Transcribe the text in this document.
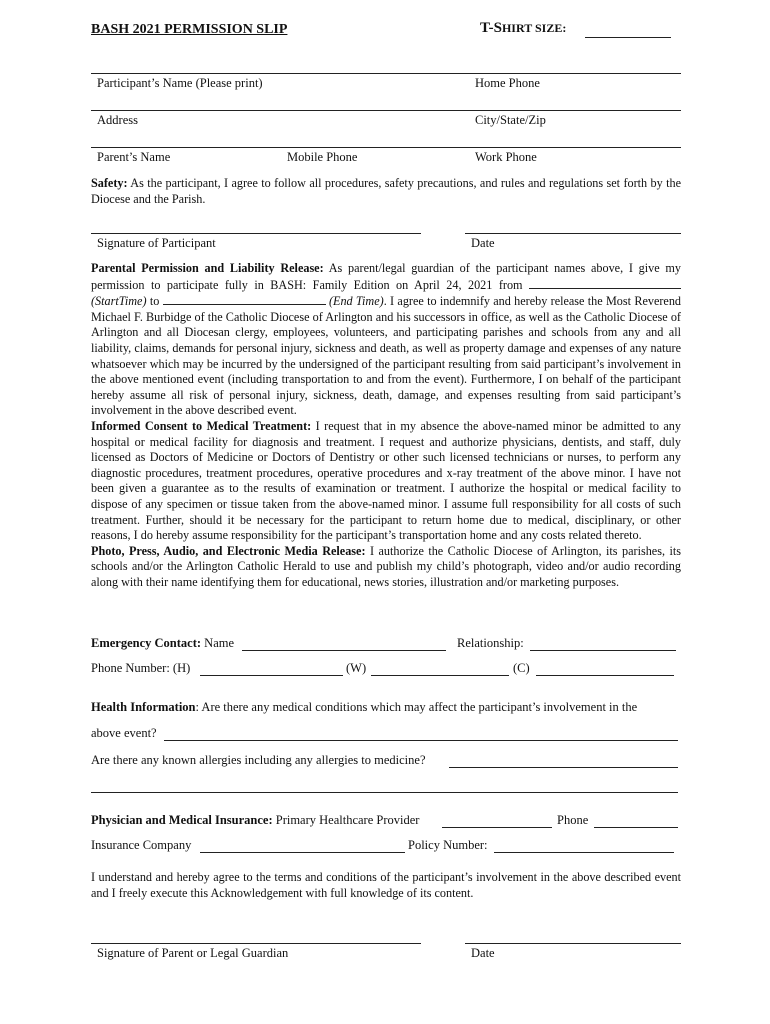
BASH 2021 PERMISSION SLIP	T-SHIRT SIZE:
Participant’s Name (Please print)	Home Phone
Address	City/State/Zip
Parent’s Name	Mobile Phone	Work Phone
Safety: As the participant, I agree to follow all procedures, safety precautions, and rules and regulations set forth by the Diocese and the Parish.
Signature of Participant	Date
Parental Permission and Liability Release: As parent/legal guardian of the participant names above, I give my permission to participate fully in BASH: Family Edition on April 24, 2021 from  (StartTime) to	(End Time). I agree to indemnify and hereby release the Most Reverend Michael F. Burbidge of the Catholic Diocese of Arlington and his successors in office, as well as the Catholic Diocese of Arlington and all Diocesan clergy, employees, volunteers, and participating parishes and schools from any and all liability, claims, demands for personal injury, sickness and death, as well as property damage and expenses of any nature whatsoever which may be incurred by the undersigned of the participant resulting from said participant’s involvement in the above mentioned event (including transportation to and from the event). Furthermore, I on behalf of the participant hereby assume all risk of personal injury, sickness, death, damage, and expenses resulting from said participant’s involvement in the above described event.
Informed Consent to Medical Treatment: I request that in my absence the above-named minor be admitted to any hospital or medical facility for diagnosis and treatment. I request and authorize physicians, dentists, and staff, duly licensed as Doctors of Medicine or Doctors of Dentistry or other such licensed technicians or nurses, to perform any diagnostic procedures, treatment procedures, operative procedures and x-ray treatment of the above minor. I have not been given a guarantee as to the results of examination or treatment. I authorize the hospital or medical facility to dispose of any specimen or tissue taken from the above-named minor. I assume full responsibility for all costs of such treatment. Further, should it be necessary for the participant to return home due to medical, disciplinary, or other reasons, I do hereby assume responsibility for the participant’s transportation home and any costs related thereto.
Photo, Press, Audio, and Electronic Media Release: I authorize the Catholic Diocese of Arlington, its parishes, its schools and/or the Arlington Catholic Herald to use and publish my child’s photograph, video and/or audio recording along with their name identifying them for educational, news stories, illustration and/or marketing purposes.
Emergency Contact: Name	Relationship:
Phone Number: (H)	(W)	(C)
Health Information: Are there any medical conditions which may affect the participant’s involvement in the
above event?
Are there any known allergies including any allergies to medicine?
Physician and Medical Insurance: Primary Healthcare Provider	Phone
Insurance Company	Policy Number:
I understand and hereby agree to the terms and conditions of the participant’s involvement in the above described event and I freely execute this Acknowledgement with full knowledge of its content.
Signature of Parent or Legal Guardian	Date
